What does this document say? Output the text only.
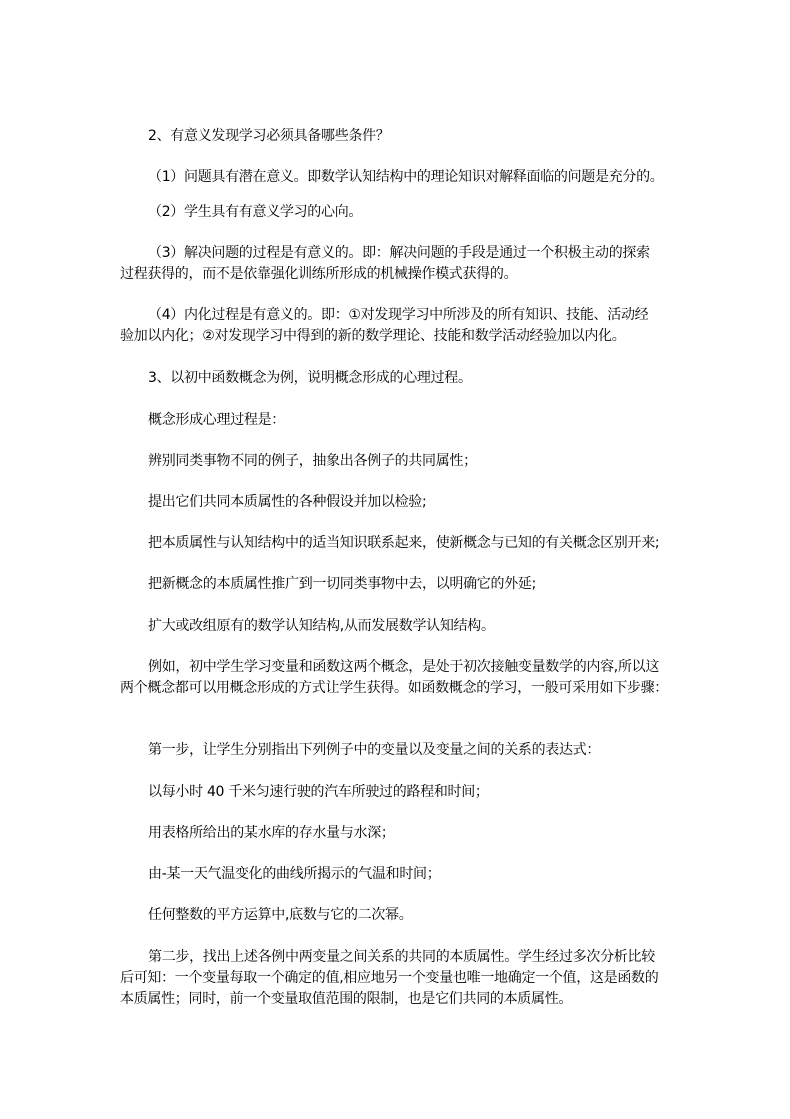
2、有意义发现学习必须具备哪些条件？
（1）问题具有潜在意义。即数学认知结构中的理论知识对解释面临的问题是充分的。
（2）学生具有有意义学习的心向。
（3）解决问题的过程是有意义的。即：解决问题的手段是通过一个积极主动的探索
过程获得的，而不是依靠强化训练所形成的机械操作模式获得的。
（4）内化过程是有意义的。即：①对发现学习中所涉及的所有知识、技能、活动经
验加以内化；②对发现学习中得到的新的数学理论、技能和数学活动经验加以内化。
3、以初中函数概念为例，说明概念形成的心理过程。
概念形成心理过程是：
辨别同类事物不同的例子，抽象出各例子的共同属性；
提出它们共同本质属性的各种假设并加以检验;
把本质属性与认知结构中的适当知识联系起来，使新概念与已知的有关概念区别开来;
把新概念的本质属性推广到一切同类事物中去，以明确它的外延;
扩大或改组原有的数学认知结构,从而发展数学认知结构。
例如，初中学生学习变量和函数这两个概念，是处于初次接触变量数学的内容,所以这
两个概念都可以用概念形成的方式让学生获得。如函数概念的学习，一般可采用如下步骤：
第一步，让学生分别指出下列例子中的变量以及变量之间的关系的表达式：
以每小时 40 千米匀速行驶的汽车所驶过的路程和时间；
用表格所给出的某水库的存水量与水深；
由-某一天气温变化的曲线所揭示的气温和时间；
任何整数的平方运算中,底数与它的二次幂。
第二步，找出上述各例中两变量之间关系的共同的本质属性。学生经过多次分析比较
后可知：一个变量每取一个确定的值,相应地另一个变量也唯一地确定一个值，这是函数的
本质属性；同时，前一个变量取值范围的限制，也是它们共同的本质属性。
